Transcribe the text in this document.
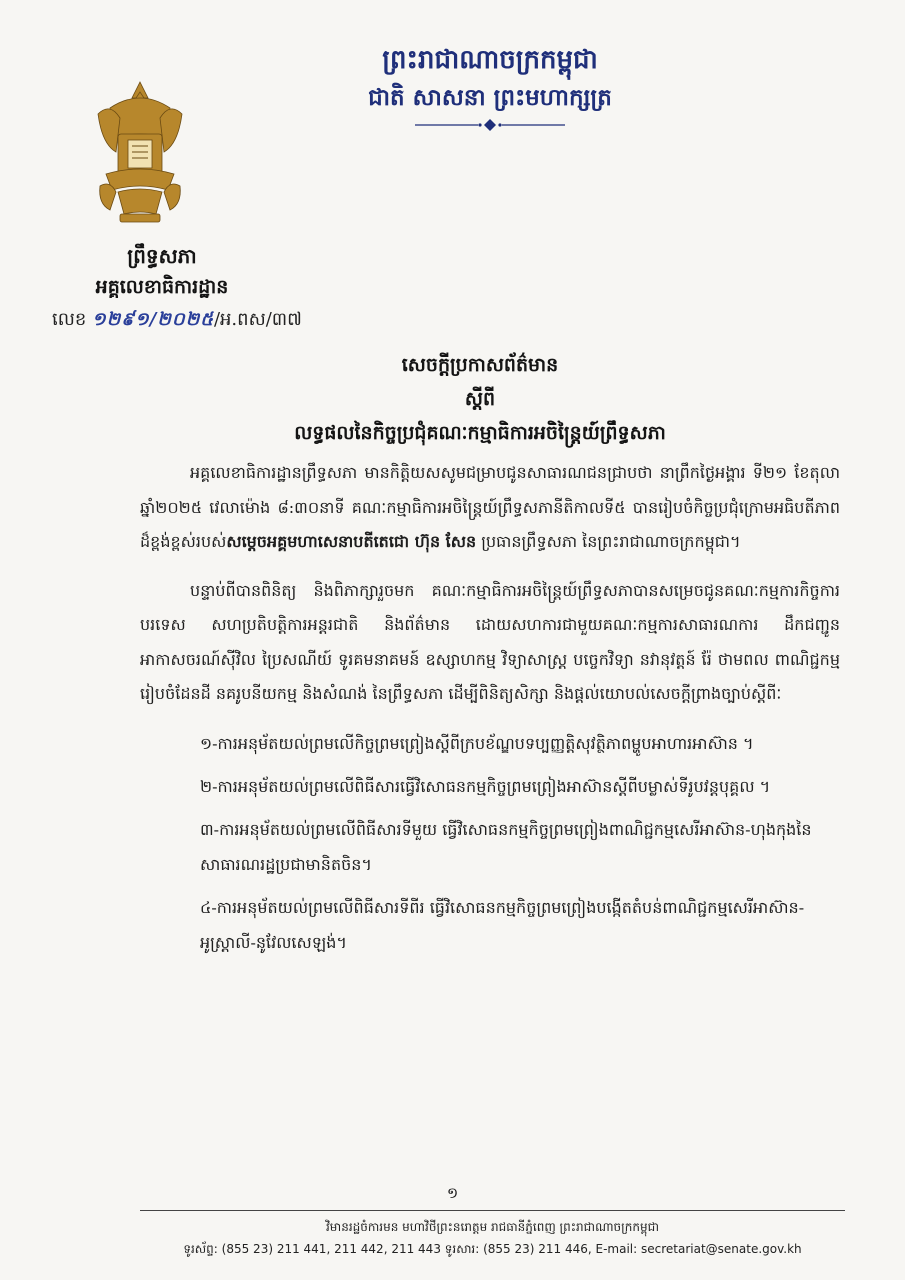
ព្រះរាជាណាចក្រកម្ពុជា
ជាតិ សាសនា ព្រះមហាក្សត្រ
ព្រឹទ្ធសភា
អគ្គលេខាធិការដ្ឋាន
លេខ ១២៩១/២០២៥/អ.ពស/៣៧
សេចក្តីប្រកាសព័ត៌មាន
ស្តីពី
លទ្ធផលនៃកិច្ចប្រជុំគណៈកម្មាធិការអចិន្ត្រៃយ៍ព្រឹទ្ធសភា

អគ្គលេខាធិការដ្ឋានព្រឹទ្ធសភា មានកិត្តិយសសូមជម្រាបជូនសាធារណជនជ្រាបថា នាព្រឹកថ្ងៃអង្គារ ទី២១ ខែតុលា ឆ្នាំ២០២៥ វេលាម៉ោង ៨:៣០នាទី គណៈកម្មាធិការអចិន្ត្រៃយ៍ព្រឹទ្ធសភានីតិកាលទី៥ បានរៀបចំកិច្ចប្រជុំក្រោមអធិបតីភាពដ៏ខ្ពង់ខ្ពស់របស់សម្តេចអគ្គមហាសេនាបតីតេជោ ហ៊ុន សែន ប្រធានព្រឹទ្ធសភា នៃព្រះរាជាណាចក្រកម្ពុជា។

បន្ទាប់ពីបានពិនិត្យ និងពិភាក្សារួចមក គណៈកម្មាធិការអចិន្ត្រៃយ៍ព្រឹទ្ធសភាបានសម្រេចជូនគណៈកម្មការកិច្ចការបរទេស សហប្រតិបត្តិការអន្តរជាតិ និងព័ត៌មាន ដោយសហការជាមួយគណៈកម្មការសាធារណការ ដឹកជញ្ជូន អាកាសចរណ៍ស៊ីវិល ប្រៃសណីយ៍ ទូរគមនាគមន៍ ឧស្សាហកម្ម វិទ្យាសាស្ត្រ បច្ចេកវិទ្យា នវានុវត្តន៍ រ៉ែ ថាមពល ពាណិជ្ជកម្ម រៀបចំដែនដី នគរូបនីយកម្ម និងសំណង់ នៃព្រឹទ្ធសភា ដើម្បីពិនិត្យសិក្សា និងផ្តល់យោបល់សេចក្តីព្រាងច្បាប់ស្តីពីៈ

១-ការអនុម័តយល់ព្រមលើកិច្ចព្រមព្រៀងស្តីពីក្របខ័ណ្ឌបទប្បញ្ញត្តិសុវត្ថិភាពម្ហូបអាហារអាស៊ាន ។
២-ការអនុម័តយល់ព្រមលើពិធីសារធ្វើវិសោធនកម្មកិច្ចព្រមព្រៀងអាស៊ានស្តីពីបម្លាស់ទីរូបវន្តបុគ្គល ។
៣-ការអនុម័តយល់ព្រមលើពិធីសារទីមួយ ធ្វើវិសោធនកម្មកិច្ចព្រមព្រៀងពាណិជ្ជកម្មសេរីអាស៊ាន-ហុងកុងនៃសាធារណរដ្ឋប្រជាមានិតចិន។
៤-ការអនុម័តយល់ព្រមលើពិធីសារទីពីរ ធ្វើវិសោធនកម្មកិច្ចព្រមព្រៀងបង្កើតតំបន់ពាណិជ្ជកម្មសេរីអាស៊ាន-អូស្ត្រាលី-នូវែលសេឡង់។
១
វិមានរដ្ឋចំការមន មហាវិថីព្រះនរោត្តម រាជធានីភ្នំពេញ ព្រះរាជាណាចក្រកម្ពុជា
ទូរស័ព្ទ: (855 23) 211 441, 211 442, 211 443 ទូរសារ: (855 23) 211 446, E-mail: secretariat@senate.gov.kh
